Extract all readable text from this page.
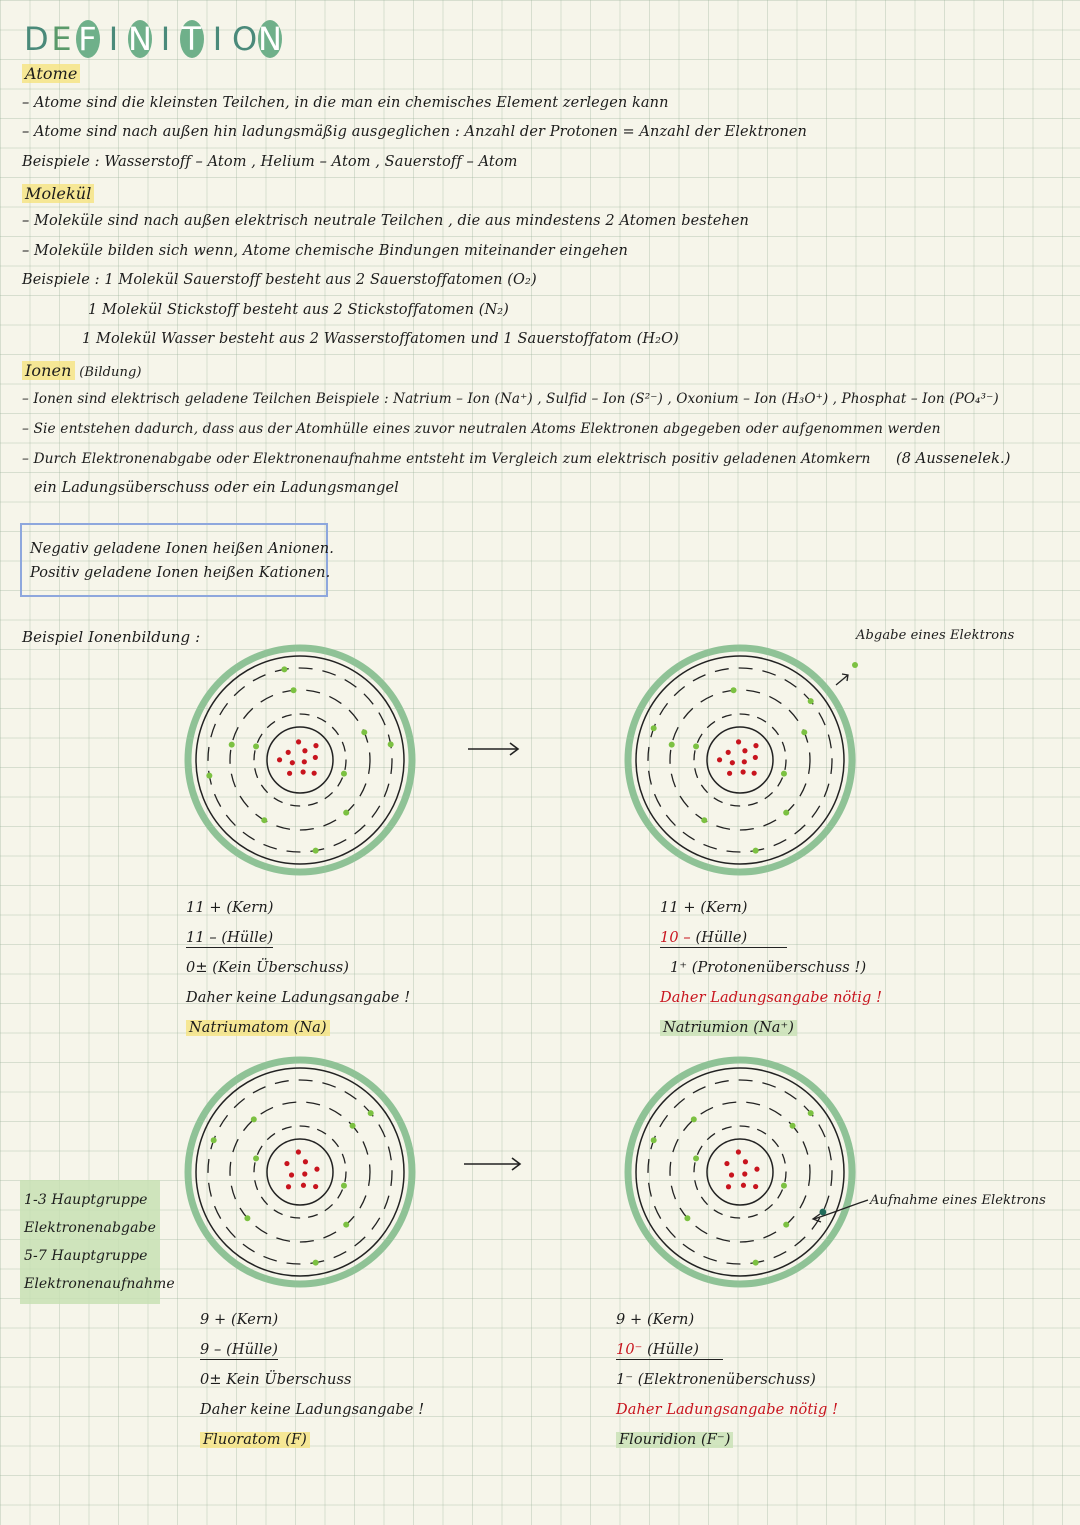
D E F I N I T I O N
Atome
– Atome sind die kleinsten Teilchen, in die man ein chemisches Element zerlegen kann
– Atome sind nach außen hin ladungsmäßig ausgeglichen : Anzahl der Protonen = Anzahl der Elektronen
Beispiele : Wasserstoff – Atom , Helium – Atom , Sauerstoff – Atom
Molekül
– Moleküle sind nach außen elektrisch neutrale Teilchen , die aus mindestens 2 Atomen bestehen
– Moleküle bilden sich wenn, Atome chemische Bindungen miteinander eingehen
Beispiele : 1 Molekül Sauerstoff besteht aus 2 Sauerstoffatomen (O₂)
1 Molekül Stickstoff besteht aus 2 Stickstoffatomen (N₂)
1 Molekül Wasser besteht aus 2 Wasserstoffatomen und 1 Sauerstoffatom (H₂O)
Ionen (Bildung)
– Ionen sind elektrisch geladene Teilchen Beispiele : Natrium – Ion (Na⁺) , Sulfid – Ion (S²⁻) , Oxonium – Ion (H₃O⁺) , Phosphat – Ion (PO₄³⁻)
– Sie entstehen dadurch, dass aus der Atomhülle eines zuvor neutralen Atoms Elektronen abgegeben oder aufgenommen werden
– Durch Elektronenabgabe oder Elektronenaufnahme entsteht im Vergleich zum elektrisch positiv geladenen Atomkern (8 Aussenelek.)
ein Ladungsüberschuss oder ein Ladungsmangel
Negativ geladene Ionen heißen Anionen.
Positiv geladene Ionen heißen Kationen.
Beispiel Ionenbildung :	Abgabe eines Elektrons
Aufnahme eines Elektrons
1-3 Hauptgruppe
Elektronenabgabe
5-7 Hauptgruppe
Elektronenaufnahme
11 + (Kern)
11 – (Hülle)
0± (Kein Überschuss)
Daher keine Ladungsangabe !
Natriumatom (Na)
11 + (Kern)
10 – (Hülle)
1⁺ (Protonenüberschuss !)
Daher Ladungsangabe nötig !
Natriumion (Na⁺)
9 + (Kern)
9 – (Hülle)
0± Kein Überschuss
Daher keine Ladungsangabe !
Fluoratom (F)
9 + (Kern)
10⁻ (Hülle)
1⁻ (Elektronenüberschuss)
Daher Ladungsangabe nötig !
Flouridion (F⁻)
